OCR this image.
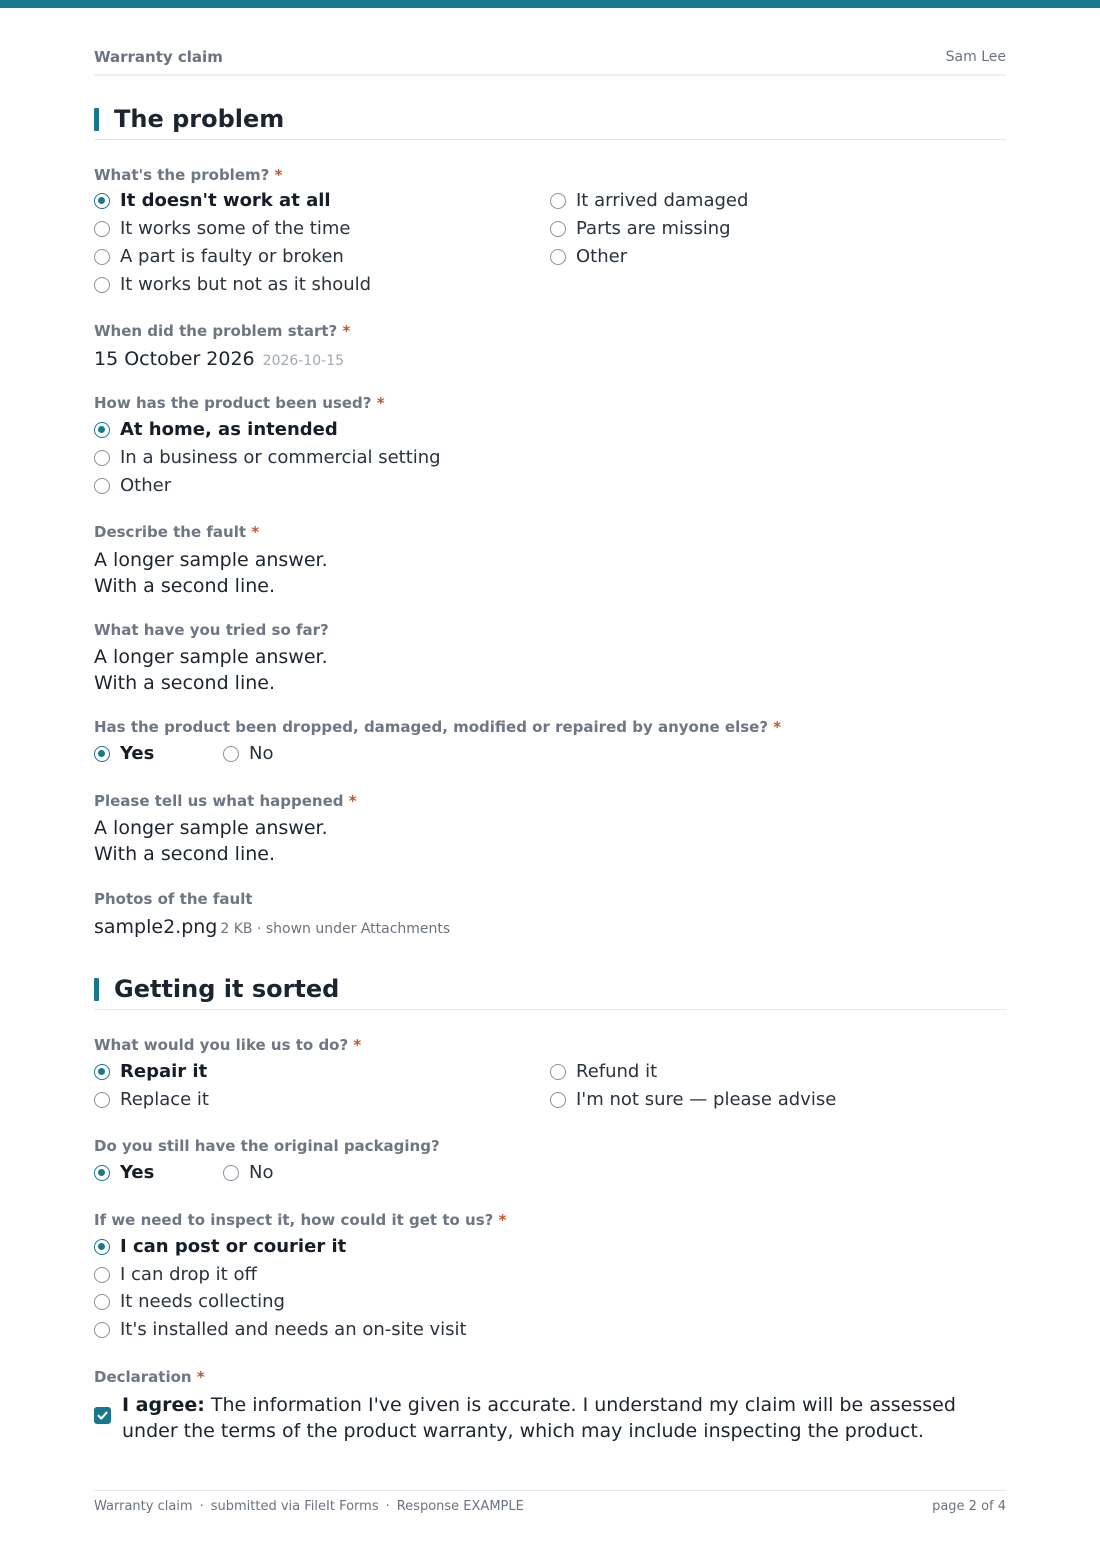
Warranty claim	Sam Lee
The problem
What's the problem? *
It doesn't work at all
It works some of the time
A part is faulty or broken
It works but not as it should
It arrived damaged
Parts are missing
Other
When did the problem start? *
15 October 2026 2026-10-15
How has the product been used? *
At home, as intended
In a business or commercial setting
Other
Describe the fault *
A longer sample answer.
With a second line.
What have you tried so far?
A longer sample answer.
With a second line.
Has the product been dropped, damaged, modified or repaired by anyone else? *
Yes	No
Please tell us what happened *
A longer sample answer.
With a second line.
Photos of the fault
sample2.png 2 KB · shown under Attachments
Getting it sorted
What would you like us to do? *
Repair it
Replace it
Refund it
I'm not sure — please advise
Do you still have the original packaging?
Yes	No
If we need to inspect it, how could it get to us? *
I can post or courier it
I can drop it off
It needs collecting
It's installed and needs an on-site visit
Declaration *
I agree: The information I've given is accurate. I understand my claim will be assessed under the terms of the product warranty, which may include inspecting the product.
Warranty claim · submitted via FileIt Forms · Response EXAMPLE	page 2 of 4
